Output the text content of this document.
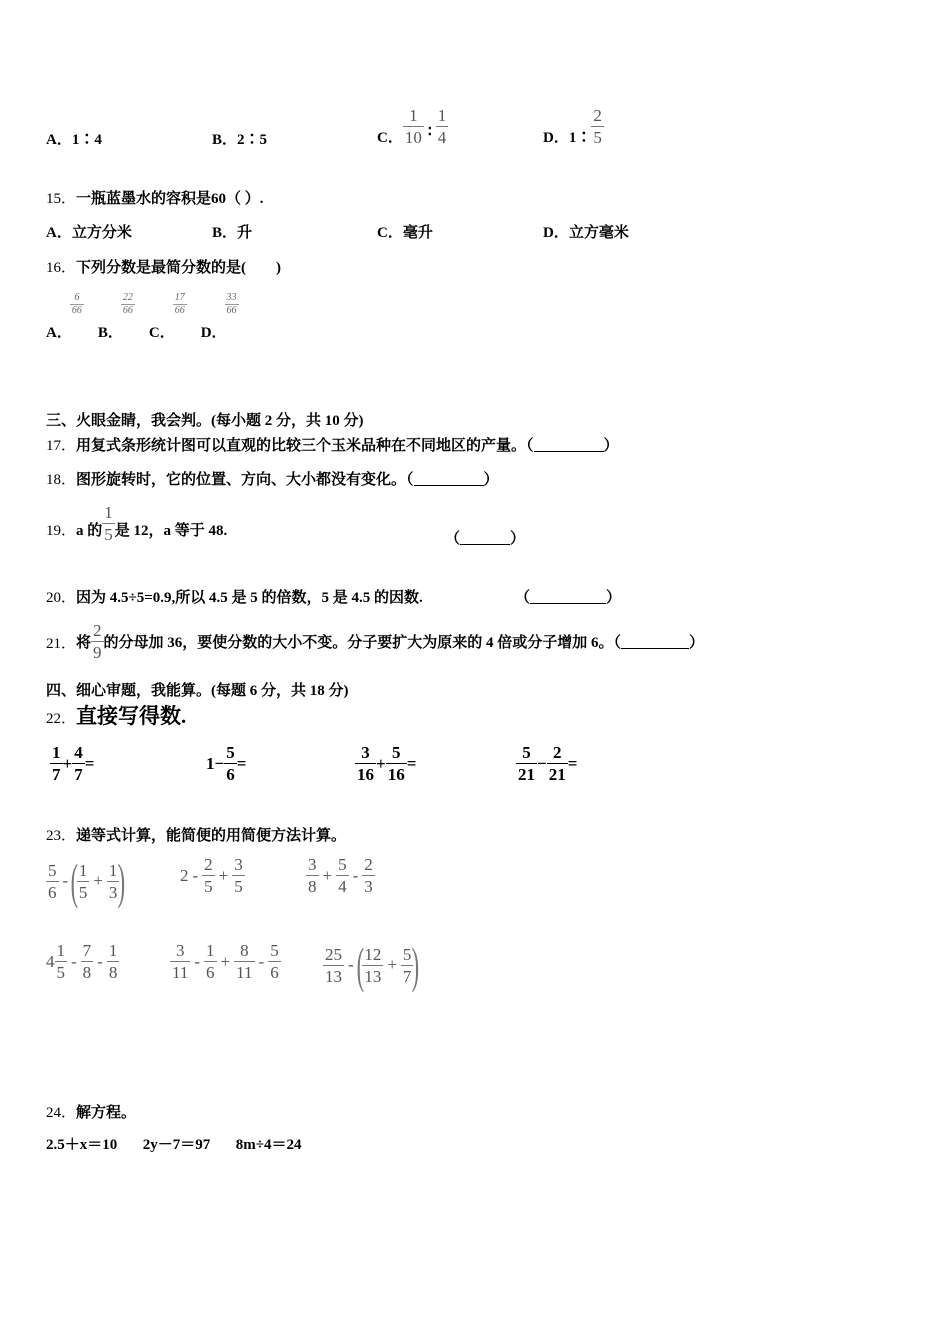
A．1∶4	B．2∶5	C． $\frac{1}{10}$ ∶ $\frac{1}{4}$	D．1∶ $\frac{2}{5}$
15．一瓶蓝墨水的容积是60（ ）.
A．立方分米	B．升	C．毫升	D．立方毫米
16．下列分数是最简分数的是(　　)
A．
$\frac{6}{66}$
B．
$\frac{22}{66}$
C．
$\frac{17}{66}$
D．
$\frac{33}{66}$
三、火眼金睛，我会判。(每小题 2 分，共 10 分)
17．用复式条形统计图可以直观的比较三个玉米品种在不同地区的产量。（	）
18．图形旋转时，它的位置、方向、大小都没有变化。（	）
19． a 的 $\frac{1}{5}$ 是 12，a 等于 48.
（	）
20．因为 4.5÷5=0.9,所以 4.5 是 5 的倍数，5 是 4.5 的因数.	（	）
21． 将 $\frac{2}{9}$ 的分母加 36，要使分数的大小不变。分子要扩大为原来的 4 倍或分子增加 6。（	）
四、细心审题，我能算。(每题 6 分，共 18 分)
22． 直接写得数.
$\frac{1}{7} + \frac{4}{7}$ =	$1 - \frac{5}{6}$ =	$\frac{3}{16} + \frac{5}{16}$ =	$\frac{5}{21} - \frac{2}{21}$ =
23．递等式计算，能简便的用简便方法计算。
$\frac{5}{6}$ - (
$\frac{1}{5} + \frac{1}{3}$
)	$2 - \frac{2}{5} + \frac{3}{5}$	$\frac{3}{8} + \frac{5}{4} - \frac{2}{3}$
$4 \frac{1}{5} - \frac{7}{8} - \frac{1}{8}$	$\frac{3}{11} - \frac{1}{6} + \frac{8}{11} - \frac{5}{6} \frac{25}{13}$ - (
$\frac{12}{13} + \frac{5}{7}$
)
24．解方程。
2.5＋x＝10 2y－7＝97 8m÷4＝24
